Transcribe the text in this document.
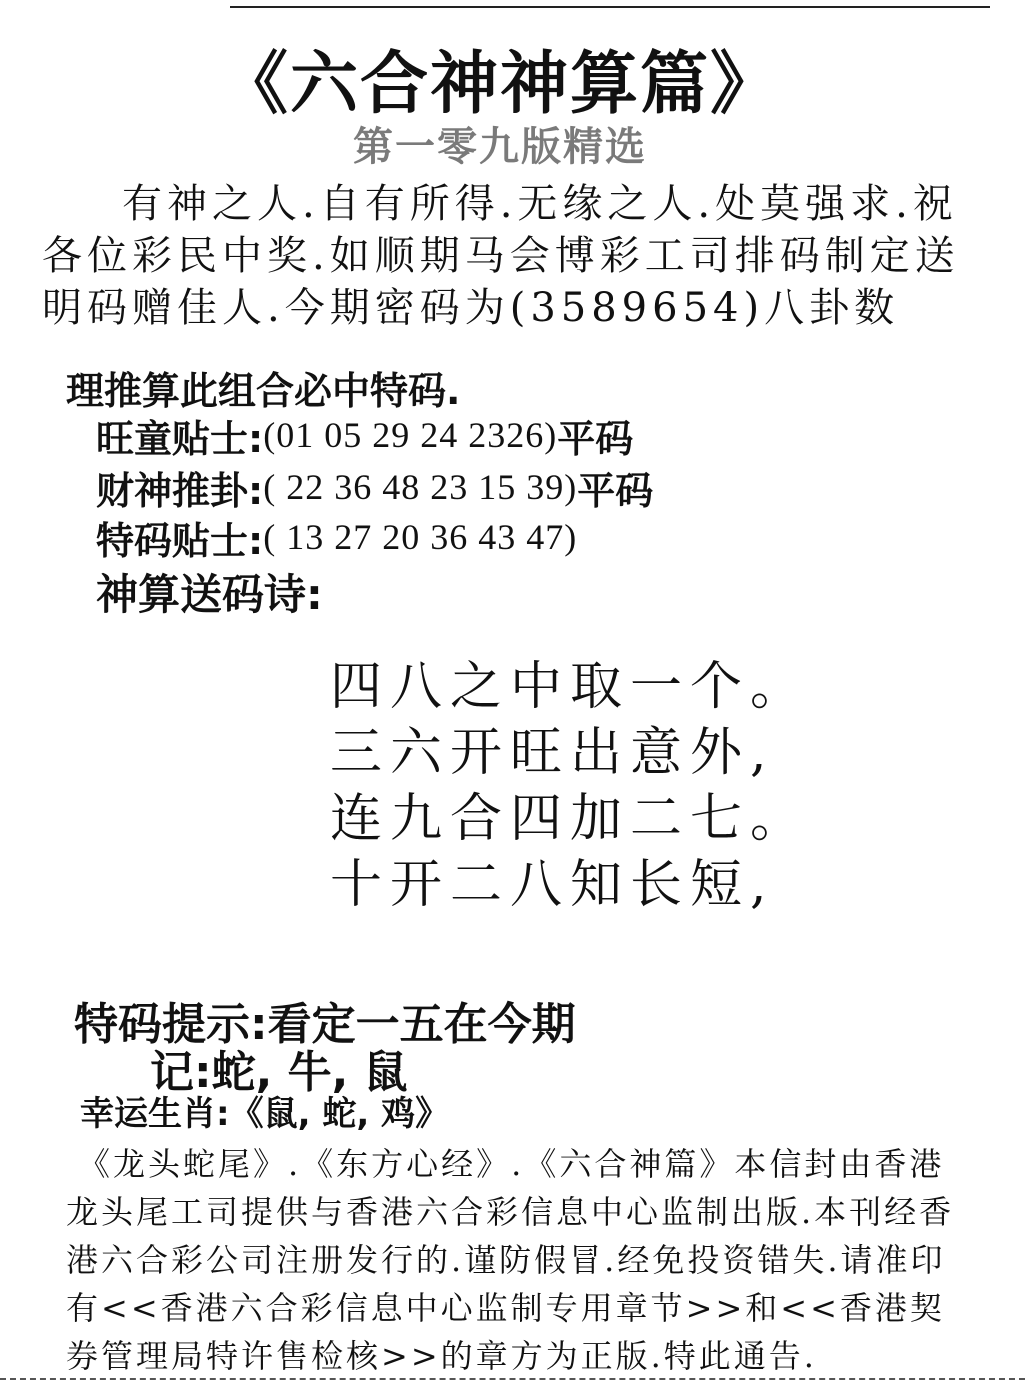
《六合神神算篇》
第一零九版精选

有神之人.自有所得.无缘之人.处莫强求.祝各位彩民中奖.如顺期马会博彩工司排码制定送明码赠佳人.今期密码为(3589654)八卦数

理推算此组合必中特码.
旺童贴士: (01 05 29 24 2326) 平码
财神推卦: ( 22 36 48 23 15 39) 平码
特码贴士: ( 13 27 20 36 43 47)
神算送码诗:
四八之中取一个。
三六开旺出意外,
连九合四加二七。
十开二八知长短,
特码提示:看定一五在今期
记:蛇, 牛, 鼠
幸运生肖:《鼠, 蛇, 鸡》

《龙头蛇尾》.《东方心经》.《六合神篇》本信封由香港龙头尾工司提供与香港六合彩信息中心监制出版.本刊经香港六合彩公司注册发行的.谨防假冒.经免投资错失.请准印有<<香港六合彩信息中心监制专用章节>>和<<香港契券管理局特许售检核>>的章方为正版.特此通告.
